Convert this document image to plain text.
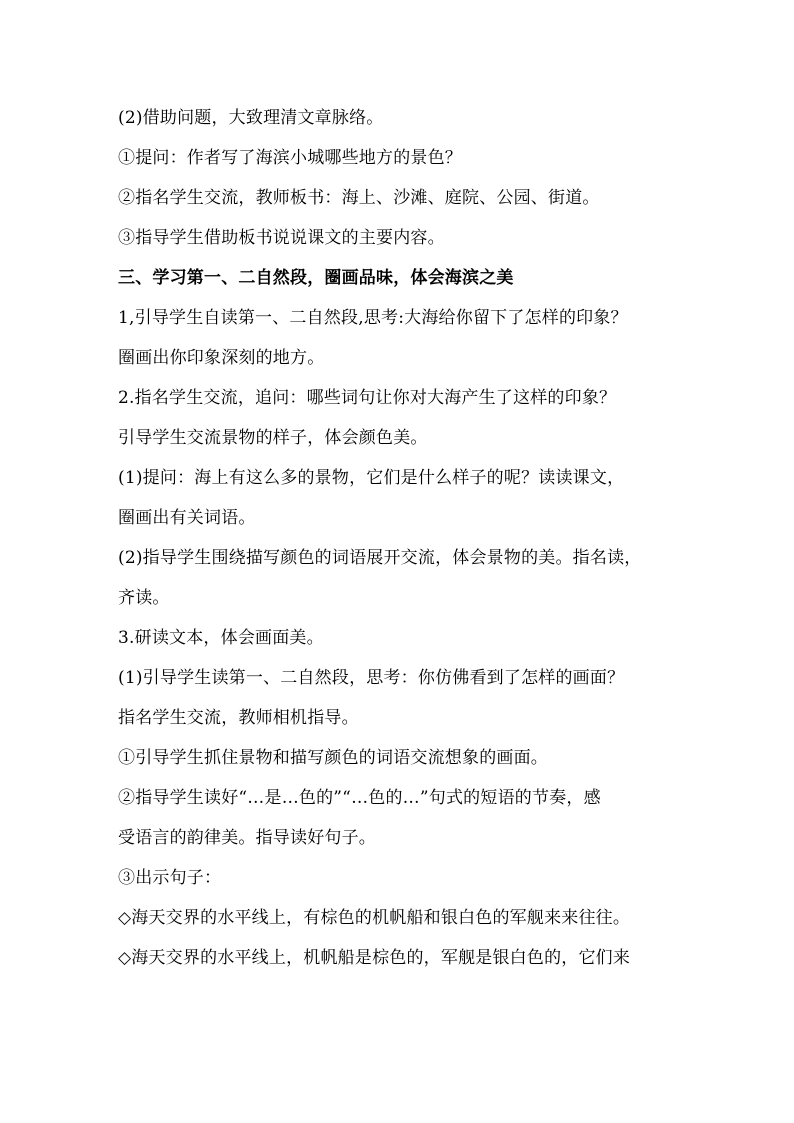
(2)借助问题，大致理清文章脉络。
①提问：作者写了海滨小城哪些地方的景色？
②指名学生交流，教师板书：海上、沙滩、庭院、公园、街道。
③指导学生借助板书说说课文的主要内容。
三、学习第一、二自然段，圈画品味，体会海滨之美
1,引导学生自读第一、二自然段,思考:大海给你留下了怎样的印象？
圈画出你印象深刻的地方。
2.指名学生交流，追问：哪些词句让你对大海产生了这样的印象？
引导学生交流景物的样子，体会颜色美。
(1)提问：海上有这么多的景物，它们是什么样子的呢？读读课文，
圈画出有关词语。
(2)指导学生围绕描写颜色的词语展开交流，体会景物的美。指名读，
齐读。
3.研读文本，体会画面美。
(1)引导学生读第一、二自然段，思考：你仿佛看到了怎样的画面？
指名学生交流，教师相机指导。
①引导学生抓住景物和描写颜色的词语交流想象的画面。
②指导学生读好“…是…色的”“…色的…”句式的短语的节奏，感
受语言的韵律美。指导读好句子。
③出示句子：
◇海天交界的水平线上，有棕色的机帆船和银白色的军舰来来往往。
◇海天交界的水平线上，机帆船是棕色的，军舰是银白色的，它们来
